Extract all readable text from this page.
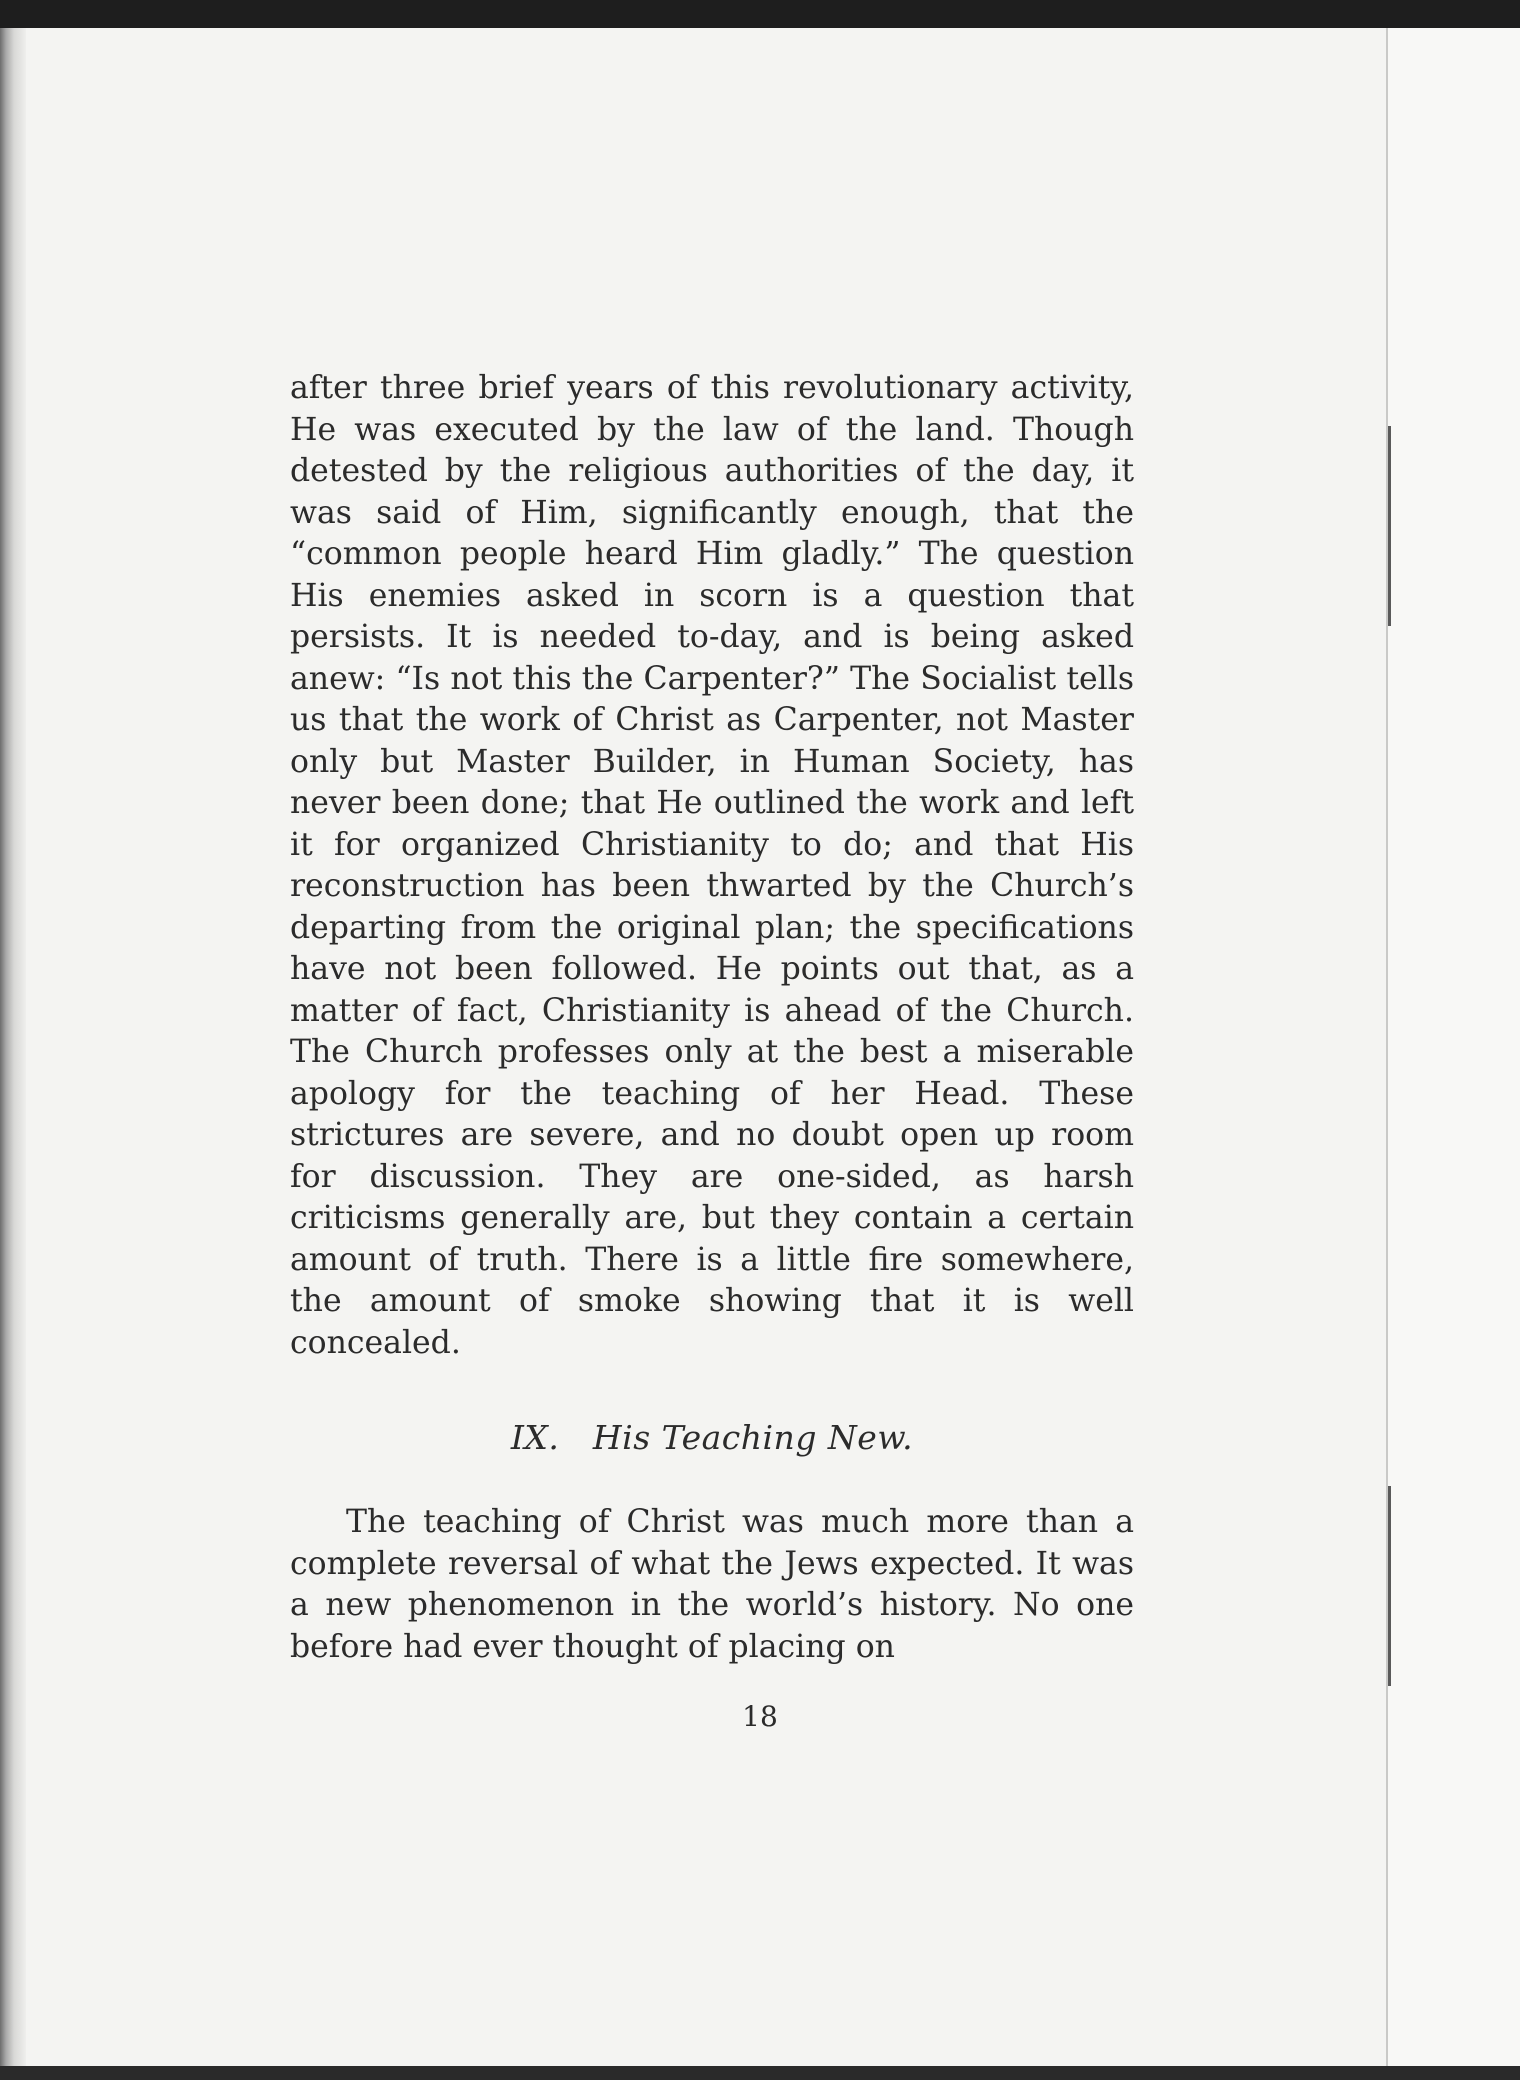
after three brief years of this revolutionary activity, He was executed by the law of the land. Though detested by the religious authorities of the day, it was said of Him, significantly enough, that the “common people heard Him gladly.” The question His enemies asked in scorn is a question that persists. It is needed to-day, and is being asked anew: “Is not this the Carpenter?” The Socialist tells us that the work of Christ as Carpenter, not Master only but Master Builder, in Human Society, has never been done; that He outlined the work and left it for organized Christianity to do; and that His reconstruction has been thwarted by the Church’s departing from the original plan; the specifications have not been followed. He points out that, as a matter of fact, Christianity is ahead of the Church. The Church professes only at the best a miserable apology for the teaching of her Head. These strictures are severe, and no doubt open up room for discussion. They are one-sided, as harsh criticisms generally are, but they contain a certain amount of truth. There is a little fire somewhere, the amount of smoke showing that it is well concealed.

IX. His Teaching New.

The teaching of Christ was much more than a complete reversal of what the Jews expected. It was a new phenomenon in the world’s history. No one before had ever thought of placing on

18
